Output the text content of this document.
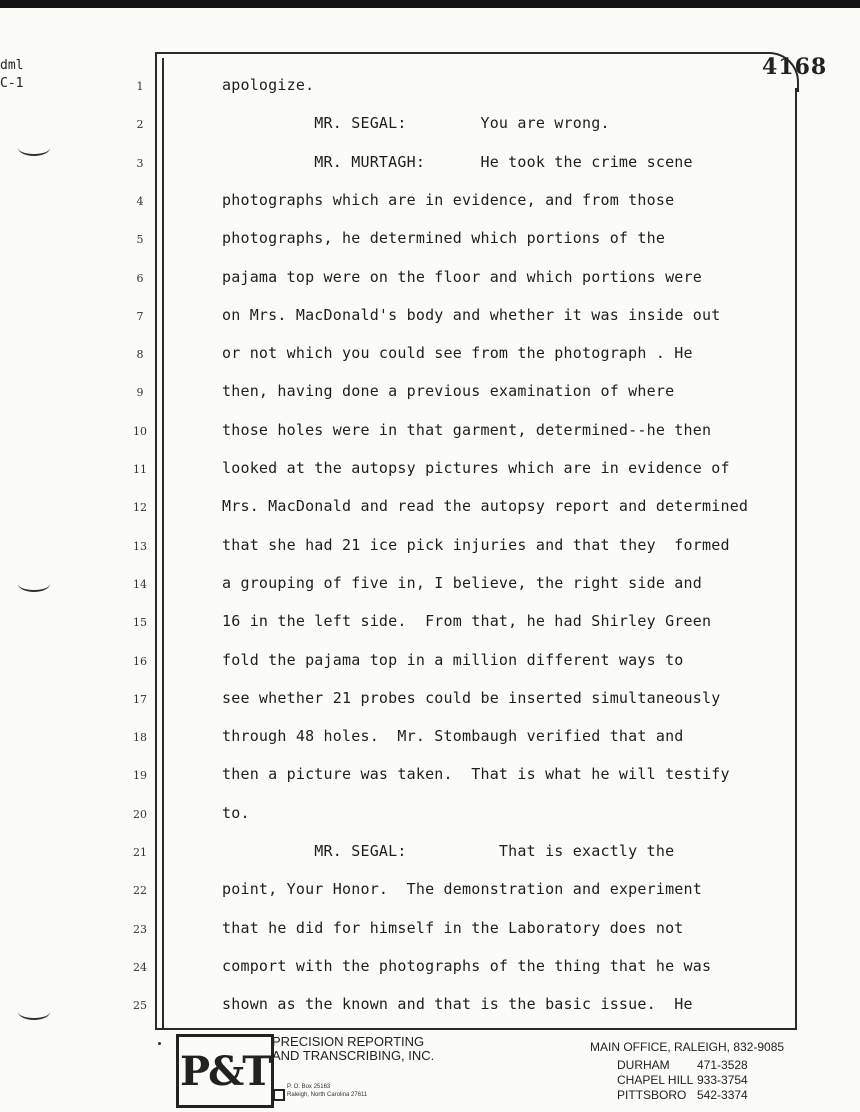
dml
C-1
4168
1	apologize.
2	MR. SEGAL:        You are wrong.
3	MR. MURTAGH:      He took the crime scene
4	photographs which are in evidence, and from those
5	photographs, he determined which portions of the
6	pajama top were on the floor and which portions were
7	on Mrs. MacDonald's body and whether it was inside out
8	or not which you could see from the photograph . He
9	then, having done a previous examination of where
10	those holes were in that garment, determined--he then
11	looked at the autopsy pictures which are in evidence of
12	Mrs. MacDonald and read the autopsy report and determined
13	that she had 21 ice pick injuries and that they  formed
14	a grouping of five in, I believe, the right side and
15	16 in the left side.  From that, he had Shirley Green
16	fold the pajama top in a million different ways to
17	see whether 21 probes could be inserted simultaneously
18	through 48 holes.  Mr. Stombaugh verified that and
19	then a picture was taken.  That is what he will testify
20	to.
21	MR. SEGAL:          That is exactly the
22	point, Your Honor.  The demonstration and experiment
23	that he did for himself in the Laboratory does not
24	comport with the photographs of the thing that he was
25	shown as the known and that is the basic issue.  He
P&T
PRECISION REPORTING
AND TRANSCRIBING, INC.
P. O. Box 25163
Raleigh, North Carolina 27611
MAIN OFFICE, RALEIGH, 832-9085
DURHAM 471-3528
CHAPEL HILL 933-3754
PITTSBORO 542-3374
